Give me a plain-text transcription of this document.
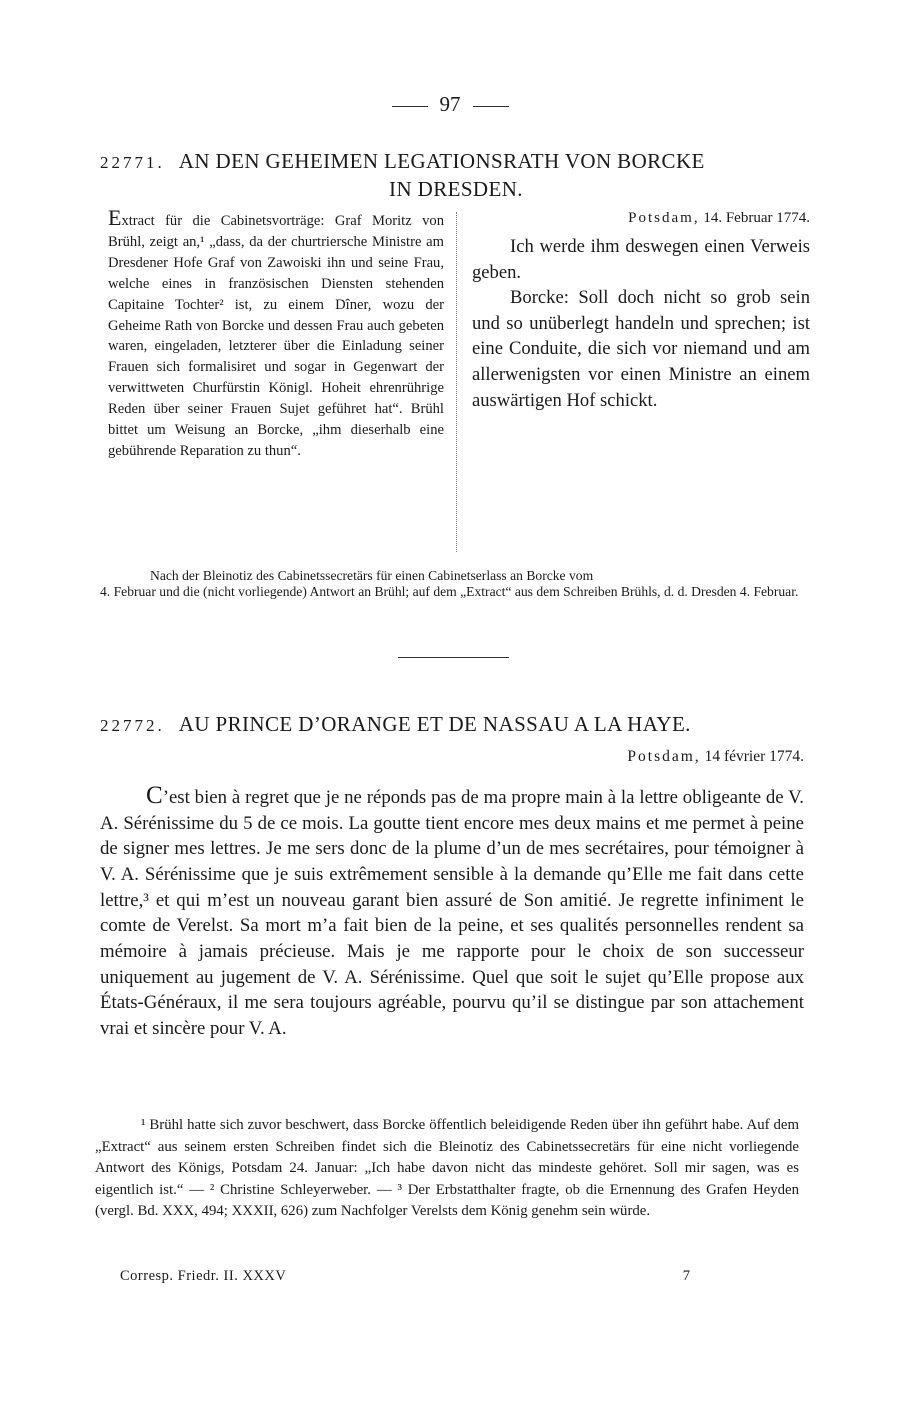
97
22771. AN DEN GEHEIMEN LEGATIONSRATH VON BORCKE
IN DRESDEN.

Extract für die Cabinetsvorträge: Graf Moritz von Brühl, zeigt an,¹ „dass, da der churtriersche Ministre am Dresdener Hofe Graf von Zawoiski ihn und seine Frau, welche eines in französischen Diensten stehenden Capitaine Tochter² ist, zu einem Dîner, wozu der Geheime Rath von Borcke und dessen Frau auch gebeten waren, eingeladen, letzterer über die Einladung seiner Frauen sich formalisiret und sogar in Gegenwart der verwittweten Churfürstin Königl. Hoheit ehrenrührige Reden über seiner Frauen Sujet geführet hat“. Brühl bittet um Weisung an Borcke, „ihm dieserhalb eine gebührende Reparation zu thun“.

Potsdam, 14. Februar 1774.

Ich werde ihm deswegen einen Verweis geben.

Borcke: Soll doch nicht so grob sein und so unüberlegt handeln und sprechen; ist eine Conduite, die sich vor niemand und am allerwenigsten vor einen Ministre an einem auswärtigen Hof schickt.

Nach der Bleinotiz des Cabinetssecretärs für einen Cabinetserlass an Borcke vom
4. Februar und die (nicht vorliegende) Antwort an Brühl; auf dem „Extract“ aus dem Schreiben Brühls, d. d. Dresden 4. Februar.
22772. AU PRINCE D’ORANGE ET DE NASSAU A LA HAYE.
Potsdam, 14 février 1774.

C’est bien à regret que je ne réponds pas de ma propre main à la lettre obligeante de V. A. Sérénissime du 5 de ce mois. La goutte tient encore mes deux mains et me permet à peine de signer mes lettres. Je me sers donc de la plume d’un de mes secrétaires, pour témoigner à V. A. Sérénissime que je suis extrêmement sensible à la demande qu’Elle me fait dans cette lettre,³ et qui m’est un nouveau garant bien assuré de Son amitié. Je regrette infiniment le comte de Verelst. Sa mort m’a fait bien de la peine, et ses qualités personnelles rendent sa mémoire à jamais précieuse. Mais je me rapporte pour le choix de son successeur uniquement au jugement de V. A. Sérénissime. Quel que soit le sujet qu’Elle propose aux États-Généraux, il me sera toujours agréable, pourvu qu’il se distingue par son attachement vrai et sincère pour V. A.

¹ Brühl hatte sich zuvor beschwert, dass Borcke öffentlich beleidigende Reden über ihn geführt habe. Auf dem „Extract“ aus seinem ersten Schreiben findet sich die Bleinotiz des Cabinetssecretärs für eine nicht vorliegende Antwort des Königs, Potsdam 24. Januar: „Ich habe davon nicht das mindeste gehöret. Soll mir sagen, was es eigentlich ist.“ — ² Christine Schleyerweber. — ³ Der Erbstatthalter fragte, ob die Ernennung des Grafen Heyden (vergl. Bd. XXX, 494; XXXII, 626) zum Nachfolger Verelsts dem König genehm sein würde.

Corresp. Friedr. II. XXXV	7
